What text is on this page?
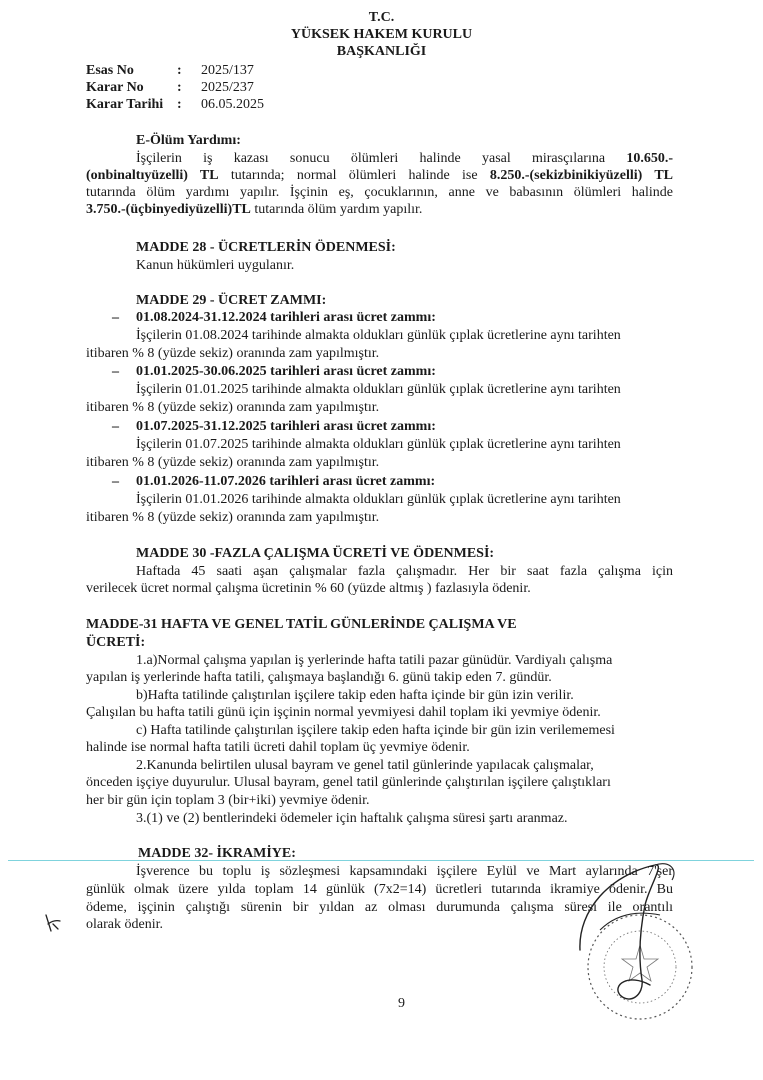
T.C.
YÜKSEK HAKEM KURULU
BAŞKANLIĞI
Esas No	: 2025/137
Karar No : 2025/237
Karar Tarihi : 06.05.2025
E-Ölüm Yardımı:
İşçilerin iş kazası sonucu ölümleri halinde yasal mirasçılarına 10.650.-
(onbinaltıyüzelli) TL tutarında; normal ölümleri halinde ise 8.250.-(sekizbinikiyüzelli) TL
tutarında ölüm yardımı yapılır. İşçinin eş, çocuklarının, anne ve babasının ölümleri halinde
3.750.-(üçbinyediyüzelli)TL tutarında ölüm yardım yapılır.
MADDE 28 - ÜCRETLERİN ÖDENMESİ:
Kanun hükümleri uygulanır.
MADDE 29 - ÜCRET ZAMMI:
– 01.08.2024-31.12.2024 tarihleri arası ücret zammı:
İşçilerin 01.08.2024 tarihinde almakta oldukları günlük çıplak ücretlerine aynı tarihten
itibaren % 8 (yüzde sekiz) oranında zam yapılmıştır.
– 01.01.2025-30.06.2025 tarihleri arası ücret zammı:
İşçilerin 01.01.2025 tarihinde almakta oldukları günlük çıplak ücretlerine aynı tarihten
itibaren % 8 (yüzde sekiz) oranında zam yapılmıştır.
– 01.07.2025-31.12.2025 tarihleri arası ücret zammı:
İşçilerin 01.07.2025 tarihinde almakta oldukları günlük çıplak ücretlerine aynı tarihten
itibaren % 8 (yüzde sekiz) oranında zam yapılmıştır.
– 01.01.2026-11.07.2026 tarihleri arası ücret zammı:
İşçilerin 01.01.2026 tarihinde almakta oldukları günlük çıplak ücretlerine aynı tarihten
itibaren % 8 (yüzde sekiz) oranında zam yapılmıştır.
MADDE 30 -FAZLA ÇALIŞMA ÜCRETİ VE ÖDENMESİ:
Haftada 45 saati aşan çalışmalar fazla çalışmadır. Her bir saat fazla çalışma için
verilecek ücret normal çalışma ücretinin % 60 (yüzde altmış ) fazlasıyla ödenir.
MADDE-31 HAFTA VE GENEL TATİL GÜNLERİNDE ÇALIŞMA VE
ÜCRETİ:
1.a)Normal çalışma yapılan iş yerlerinde hafta tatili pazar günüdür. Vardiyalı çalışma
yapılan iş yerlerinde hafta tatili, çalışmaya başlandığı 6. günü takip eden 7. gündür.
b)Hafta tatilinde çalıştırılan işçilere takip eden hafta içinde bir gün izin verilir.
Çalışılan bu hafta tatili günü için işçinin normal yevmiyesi dahil toplam iki yevmiye ödenir.
c) Hafta tatilinde çalıştırılan işçilere takip eden hafta içinde bir gün izin verilememesi
halinde ise normal hafta tatili ücreti dahil toplam üç yevmiye ödenir.
2.Kanunda belirtilen ulusal bayram ve genel tatil günlerinde yapılacak çalışmalar,
önceden işçiye duyurulur. Ulusal bayram, genel tatil günlerinde çalıştırılan işçilere çalıştıkları
her bir gün için toplam 3 (bir+iki) yevmiye ödenir.
3.(1) ve (2) bentlerindeki ödemeler için haftalık çalışma süresi şartı aranmaz.
MADDE 32- İKRAMİYE:
İşverence bu toplu iş sözleşmesi kapsamındaki işçilere Eylül ve Mart aylarında 7'şer
günlük olmak üzere yılda toplam 14 günlük (7x2=14) ücretleri tutarında ikramiye ödenir. Bu
ödeme, işçinin çalıştığı sürenin bir yıldan az olması durumunda çalışma süresi ile orantılı
olarak ödenir.
9
